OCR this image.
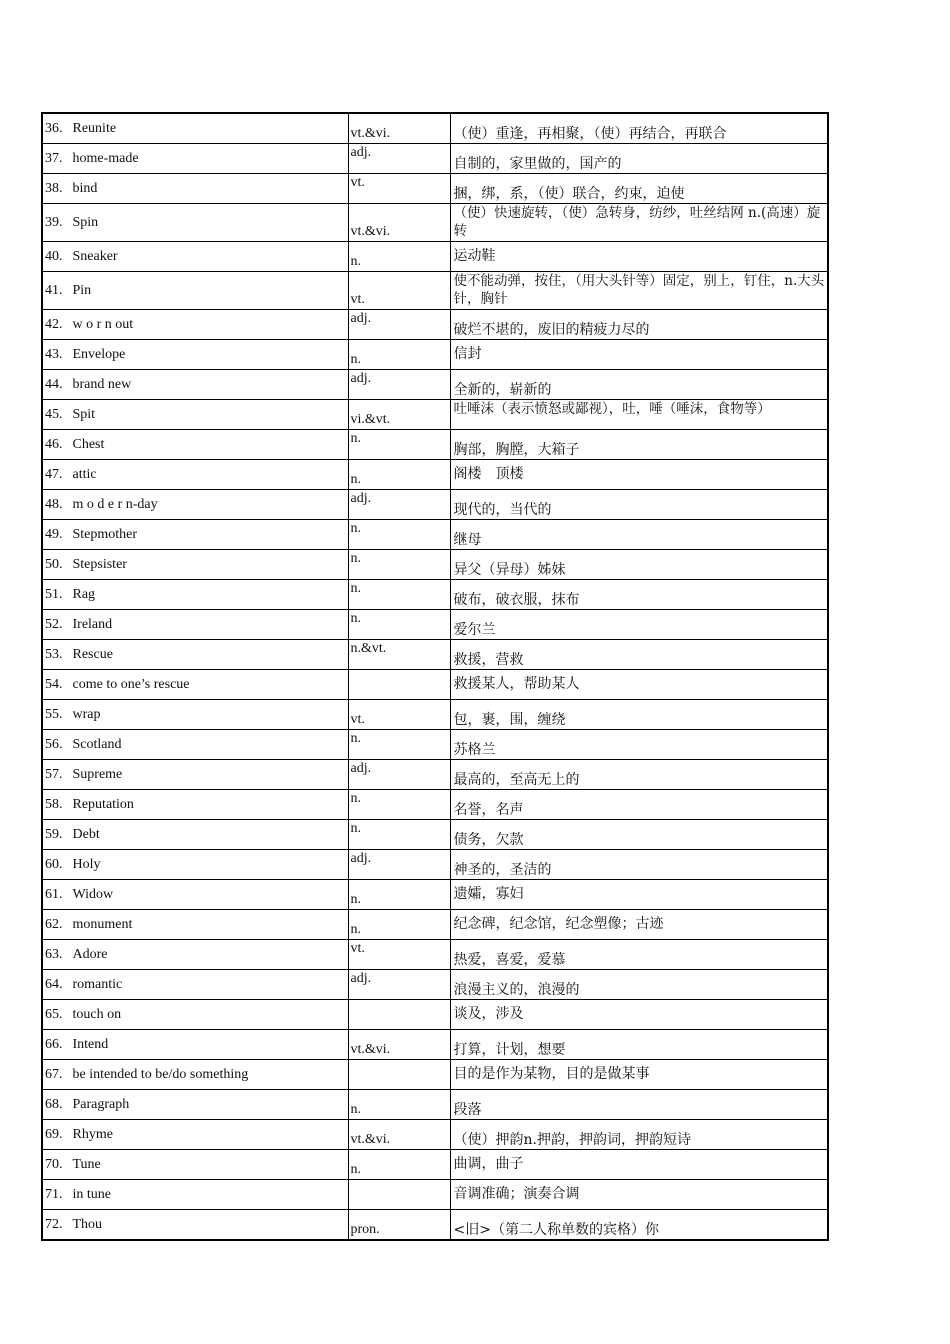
36. Reunite	vt.&vi.	（使）重逢，再相聚，（使）再结合，再联合
37. home-made	adj.	自制的，家里做的，国产的
38. bind	vt.	捆，绑，系，（使）联合，约束，迫使
39. Spin	vt.&vi.	（使）快速旋转，（使）急转身，纺纱，吐丝结网 n.(高速）旋转
40. Sneaker	n.	运动鞋
41. Pin	vt.	使不能动弹，按住，（用大头针等）固定，别上，钉住，n.大头针，胸针
42. w o r n out	adj.	破烂不堪的，废旧的精疲力尽的
43. Envelope	n.	信封
44. brand new	adj.	全新的，崭新的
45. Spit	vi.&vt.	吐唾沫（表示愤怒或鄙视），吐，唾（唾沫，食物等）
46. Chest	n.	胸部，胸膛，大箱子
47. attic	n.	阁楼　顶楼
48. m o d e r n-day	adj.	现代的，当代的
49. Stepmother	n.	继母
50. Stepsister	n.	异父（异母）姊妹
51. Rag	n.	破布，破衣服，抹布
52. Ireland	n.	爱尔兰
53. Rescue	n.&vt.	救援，营救
54. come to one’s rescue		救援某人，帮助某人
55. wrap	vt.	包，裹，围，缠绕
56. Scotland	n.	苏格兰
57. Supreme	adj.	最高的，至高无上的
58. Reputation	n.	名誉，名声
59. Debt	n.	债务，欠款
60. Holy	adj.	神圣的，圣洁的
61. Widow	n.	遗孀，寡妇
62. monument	n.	纪念碑，纪念馆，纪念塑像；古迹
63. Adore	vt.	热爱，喜爱，爱慕
64. romantic	adj.	浪漫主义的，浪漫的
65. touch on		谈及，涉及
66. Intend	vt.&vi.	打算，计划，想要
67. be intended to be/do something		目的是作为某物，目的是做某事
68. Paragraph	n.	段落
69. Rhyme	vt.&vi.	（使）押韵n.押韵，押韵词，押韵短诗
70. Tune	n.	曲调，曲子
71. in tune		音调准确；演奏合调
72. Thou	pron.	<旧>（第二人称单数的宾格）你
